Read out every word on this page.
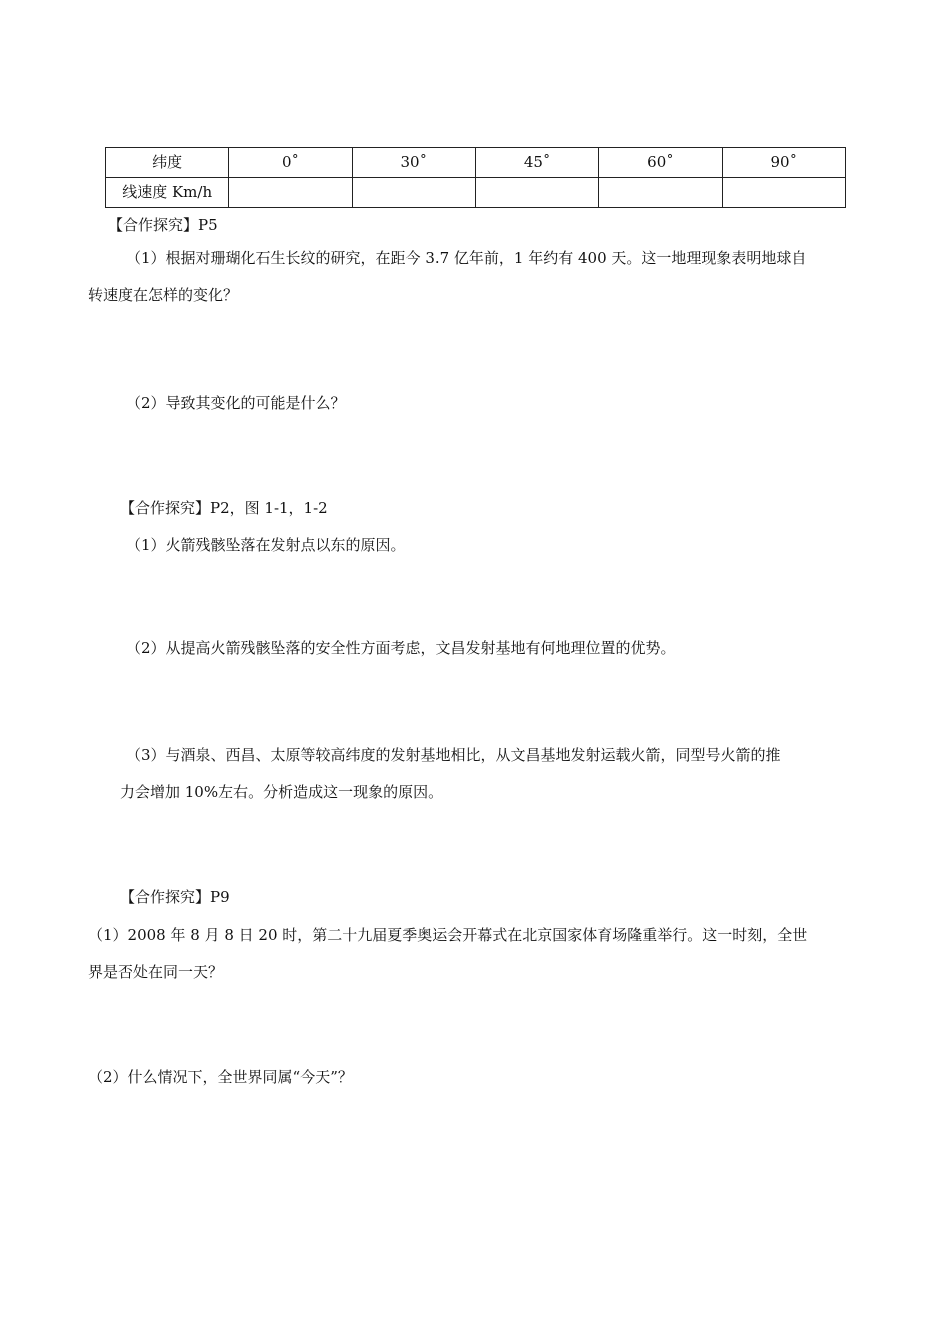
纬度	0˚	30˚	45˚	60˚	90˚
线速度 Km/h					
【合作探究】P5
（1）根据对珊瑚化石生长纹的研究，在距今 3.7 亿年前，1 年约有 400 天。这一地理现象表明地球自
转速度在怎样的变化？
（2）导致其变化的可能是什么？
【合作探究】P2，图 1-1，1-2
（1）火箭残骸坠落在发射点以东的原因。
（2）从提高火箭残骸坠落的安全性方面考虑，文昌发射基地有何地理位置的优势。
（3）与酒泉、西昌、太原等较高纬度的发射基地相比，从文昌基地发射运载火箭，同型号火箭的推
力会增加 10%左右。分析造成这一现象的原因。
【合作探究】P9
（1）2008 年 8 月 8 日 20 时，第二十九届夏季奥运会开幕式在北京国家体育场隆重举行。这一时刻，全世
界是否处在同一天？
（2）什么情况下，全世界同属“今天”？
